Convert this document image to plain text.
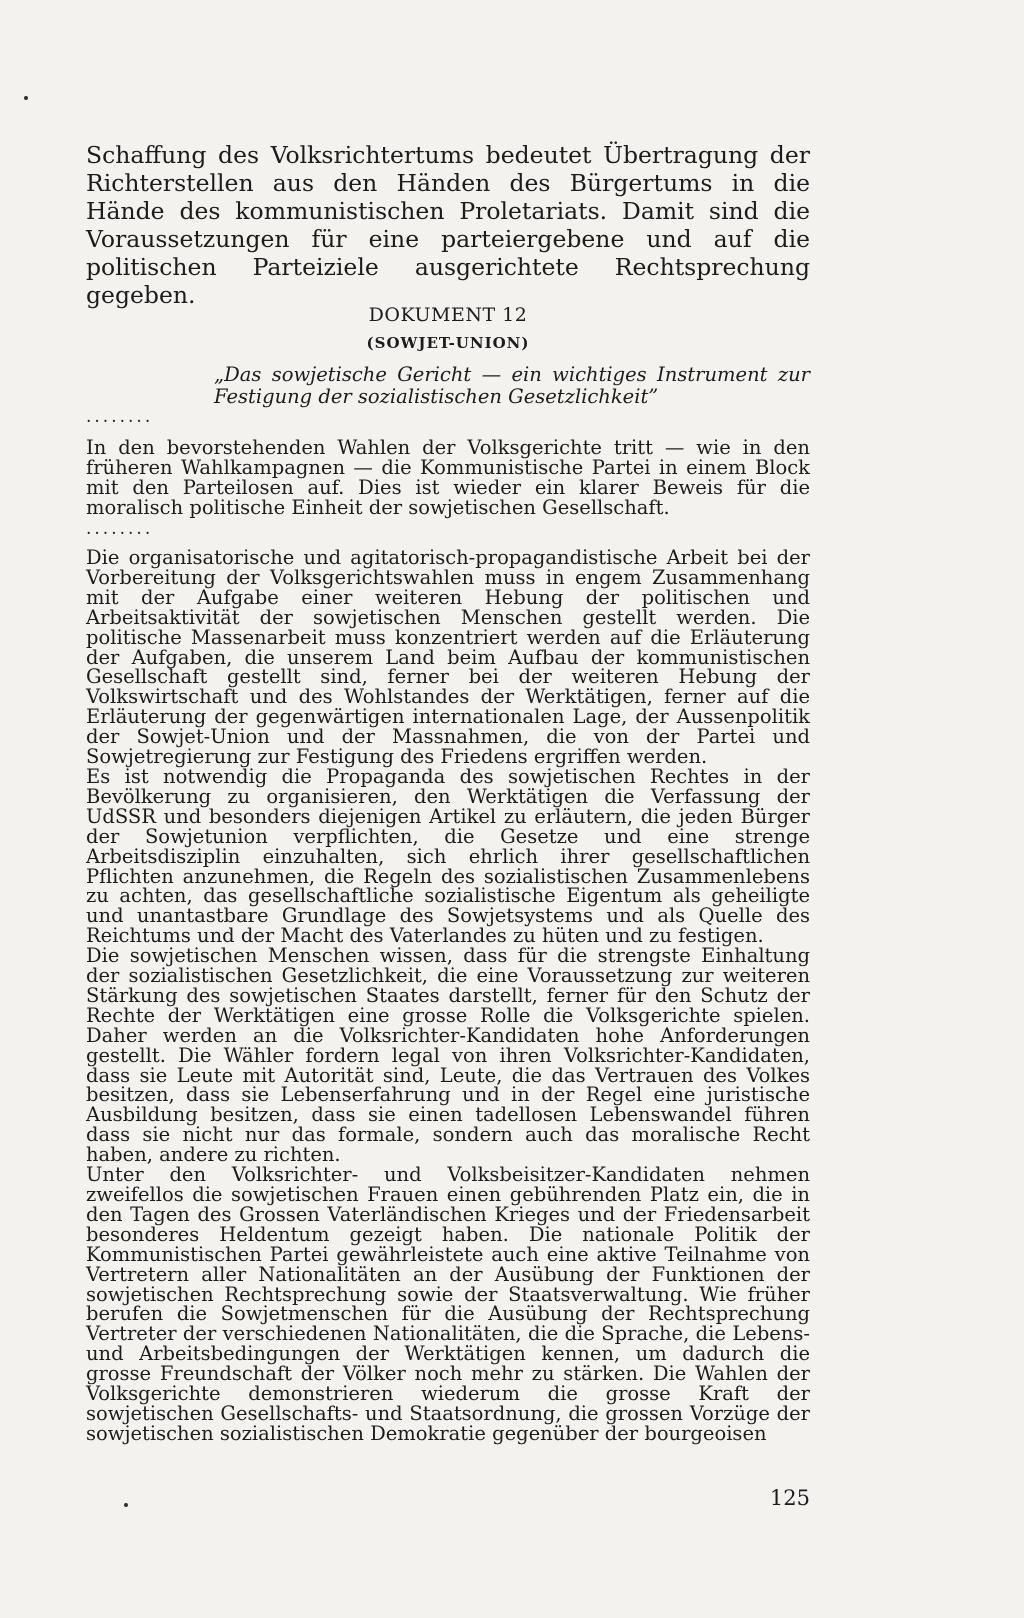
Schaffung des Volksrichtertums bedeutet Übertragung der Richterstellen aus den Händen des Bürgertums in die Hände des kommunistischen Proletariats. Damit sind die Voraussetzungen für eine parteiergebene und auf die politischen Parteiziele ausgerichtete Rechtsprechung gegeben.
DOKUMENT 12
(SOWJET-UNION)
„Das sowjetische Gericht — ein wichtiges Instrument zur Festigung der sozialistischen Gesetzlichkeit”
........
In den bevorstehenden Wahlen der Volksgerichte tritt — wie in den früheren Wahlkampagnen — die Kommunistische Partei in einem Block mit den Parteilosen auf. Dies ist wieder ein klarer Beweis für die moralisch politische Einheit der sowjetischen Gesellschaft.
........

Die organisatorische und agitatorisch-propagandistische Arbeit bei der Vorbereitung der Volksgerichtswahlen muss in engem Zusammenhang mit der Aufgabe einer weiteren Hebung der politischen und Arbeitsaktivität der sowjetischen Menschen gestellt werden. Die politische Massenarbeit muss konzentriert werden auf die Erläuterung der Aufgaben, die unserem Land beim Aufbau der kommunistischen Gesellschaft gestellt sind, ferner bei der weiteren Hebung der Volkswirtschaft und des Wohlstandes der Werktätigen, ferner auf die Erläuterung der gegenwärtigen internationalen Lage, der Aussenpolitik der Sowjet-Union und der Massnahmen, die von der Partei und Sowjetregierung zur Festigung des Friedens ergriffen werden.

Es ist notwendig die Propaganda des sowjetischen Rechtes in der Bevölkerung zu organisieren, den Werktätigen die Verfassung der UdSSR und besonders diejenigen Artikel zu erläutern, die jeden Bürger der Sowjetunion verpflichten, die Gesetze und eine strenge Arbeitsdisziplin einzuhalten, sich ehrlich ihrer gesellschaftlichen Pflichten anzunehmen, die Regeln des sozialistischen Zusammenlebens zu achten, das gesellschaftliche sozialistische Eigentum als geheiligte und unantastbare Grundlage des Sowjetsystems und als Quelle des Reichtums und der Macht des Vaterlandes zu hüten und zu festigen.

Die sowjetischen Menschen wissen, dass für die strengste Einhaltung der sozialistischen Gesetzlichkeit, die eine Voraussetzung zur weiteren Stärkung des sowjetischen Staates darstellt, ferner für den Schutz der Rechte der Werktätigen eine grosse Rolle die Volksgerichte spielen. Daher werden an die Volksrichter-Kandidaten hohe Anforderungen gestellt. Die Wähler fordern legal von ihren Volksrichter-Kandidaten, dass sie Leute mit Autorität sind, Leute, die das Vertrauen des Volkes besitzen, dass sie Lebenserfahrung und in der Regel eine juristische Ausbildung besitzen, dass sie einen tadellosen Lebenswandel führen dass sie nicht nur das formale, sondern auch das moralische Recht haben, andere zu richten.

Unter den Volksrichter- und Volksbeisitzer-Kandidaten nehmen zweifellos die sowjetischen Frauen einen gebührenden Platz ein, die in den Tagen des Grossen Vaterländischen Krieges und der Friedensarbeit besonderes Heldentum gezeigt haben. Die nationale Politik der Kommunistischen Partei gewährleistete auch eine aktive Teilnahme von Vertretern aller Nationalitäten an der Ausübung der Funktionen der sowjetischen Rechtsprechung sowie der Staatsverwaltung. Wie früher berufen die Sowjetmenschen für die Ausübung der Rechtsprechung Vertreter der verschiedenen Nationalitäten, die die Sprache, die Lebens- und Arbeitsbedingungen der Werktätigen kennen, um dadurch die grosse Freundschaft der Völker noch mehr zu stärken. Die Wahlen der Volksgerichte demonstrieren wiederum die grosse Kraft der sowjetischen Gesellschafts- und Staatsordnung, die grossen Vorzüge der sowjetischen sozialistischen Demokratie gegenüber der bourgeoisen

125
